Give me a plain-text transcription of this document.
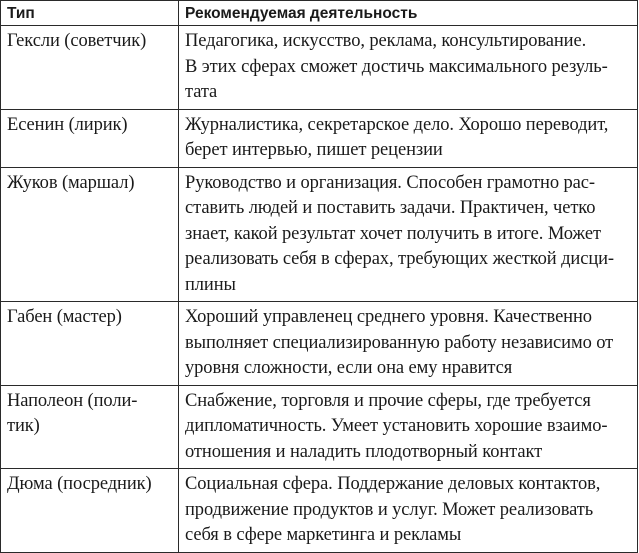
Тип	Рекомендуемая деятельность
Гексли (советчик)	Педагогика, искусство, реклама, консультирование.
В этих сферах сможет достичь максимального резуль-
тата
Есенин (лирик)	Журналистика, секретарское дело. Хорошо переводит,
берет интервью, пишет рецензии
Жуков (маршал)	Руководство и организация. Способен грамотно рас-
ставить людей и поставить задачи. Практичен, четко
знает, какой результат хочет получить в итоге. Может
реализовать себя в сферах, требующих жесткой дисци-
плины
Габен (мастер)	Хороший управленец среднего уровня. Качественно
выполняет специализированную работу независимо от
уровня сложности, если она ему нравится
Наполеон (поли-
тик)	Снабжение, торговля и прочие сферы, где требуется
дипломатичность. Умеет установить хорошие взаимо-
отношения и наладить плодотворный контакт
Дюма (посредник)	Социальная сфера. Поддержание деловых контактов,
продвижение продуктов и услуг. Может реализовать
себя в сфере маркетинга и рекламы
